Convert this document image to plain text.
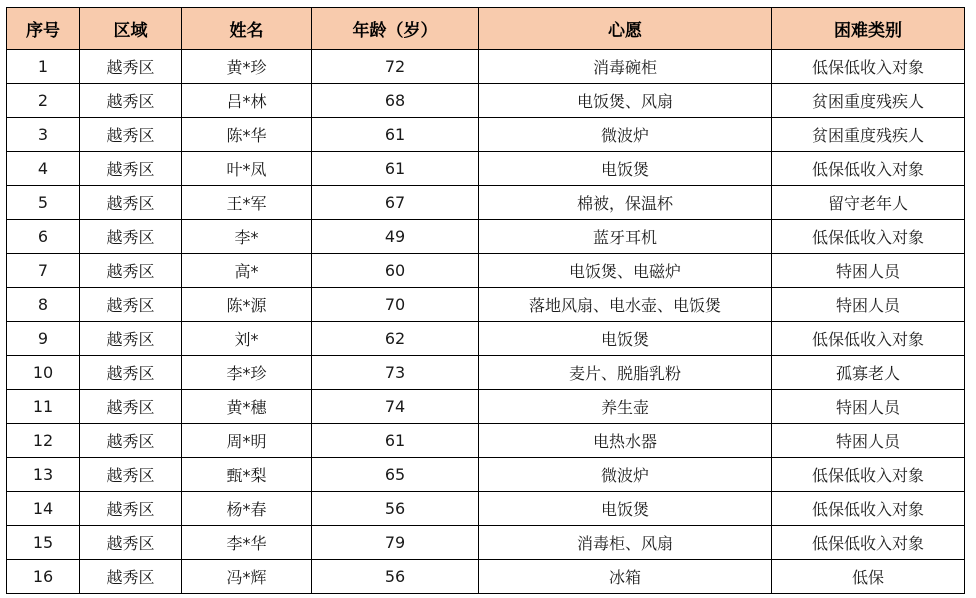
序号	区域	姓名	年龄（岁）	心愿	困难类别
1	越秀区	黄*珍	72	消毒碗柜	低保低收入对象
2	越秀区	吕*林	68	电饭煲、风扇	贫困重度残疾人
3	越秀区	陈*华	61	微波炉	贫困重度残疾人
4	越秀区	叶*凤	61	电饭煲	低保低收入对象
5	越秀区	王*军	67	棉被，保温杯	留守老年人
6	越秀区	李*	49	蓝牙耳机	低保低收入对象
7	越秀区	高*	60	电饭煲、电磁炉	特困人员
8	越秀区	陈*源	70	落地风扇、电水壶、电饭煲	特困人员
9	越秀区	刘*	62	电饭煲	低保低收入对象
10	越秀区	李*珍	73	麦片、脱脂乳粉	孤寡老人
11	越秀区	黄*穗	74	养生壶	特困人员
12	越秀区	周*明	61	电热水器	特困人员
13	越秀区	甄*梨	65	微波炉	低保低收入对象
14	越秀区	杨*春	56	电饭煲	低保低收入对象
15	越秀区	李*华	79	消毒柜、风扇	低保低收入对象
16	越秀区	冯*辉	56	冰箱	低保
